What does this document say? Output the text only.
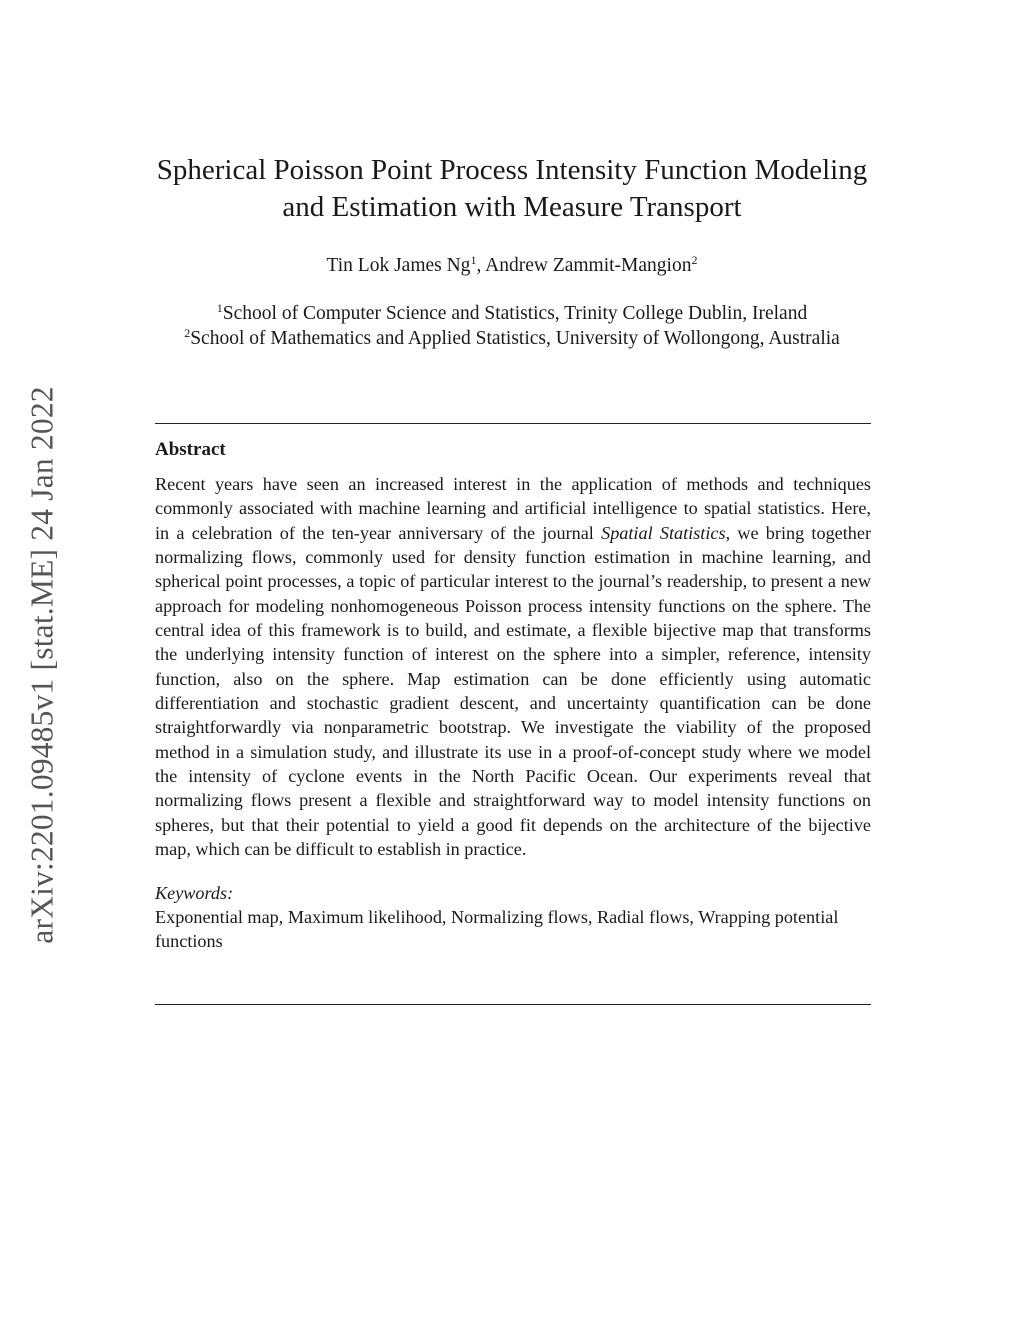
arXiv:2201.09485v1 [stat.ME] 24 Jan 2022
Spherical Poisson Point Process Intensity Function Modeling
and Estimation with Measure Transport
Tin Lok James Ng$^1$, Andrew Zammit-Mangion$^2$
$^1$School of Computer Science and Statistics, Trinity College Dublin, Ireland
$^2$School of Mathematics and Applied Statistics, University of Wollongong, Australia
Abstract

Recent years have seen an increased interest in the application of methods and techniques commonly associated with machine learning and artificial intelligence to spatial statistics. Here, in a celebration of the ten-year anniversary of the journal Spatial Statistics, we bring together normalizing flows, commonly used for density function estimation in machine learning, and spherical point processes, a topic of particular interest to the journal’s readership, to present a new approach for modeling nonhomogeneous Poisson process intensity functions on the sphere. The central idea of this framework is to build, and estimate, a flexible bijective map that transforms the underlying intensity function of interest on the sphere into a simpler, reference, intensity function, also on the sphere. Map estimation can be done efficiently using automatic differentiation and stochastic gradient descent, and uncertainty quantification can be done straightforwardly via nonparametric bootstrap. We investigate the viability of the proposed method in a simulation study, and illustrate its use in a proof-of-concept study where we model the intensity of cyclone events in the North Pacific Ocean. Our experiments reveal that normalizing flows present a flexible and straightforward way to model intensity functions on spheres, but that their potential to yield a good fit depends on the architecture of the bijective map, which can be difficult to establish in practice.

Keywords:
Exponential map, Maximum likelihood, Normalizing flows, Radial flows, Wrapping potential functions
